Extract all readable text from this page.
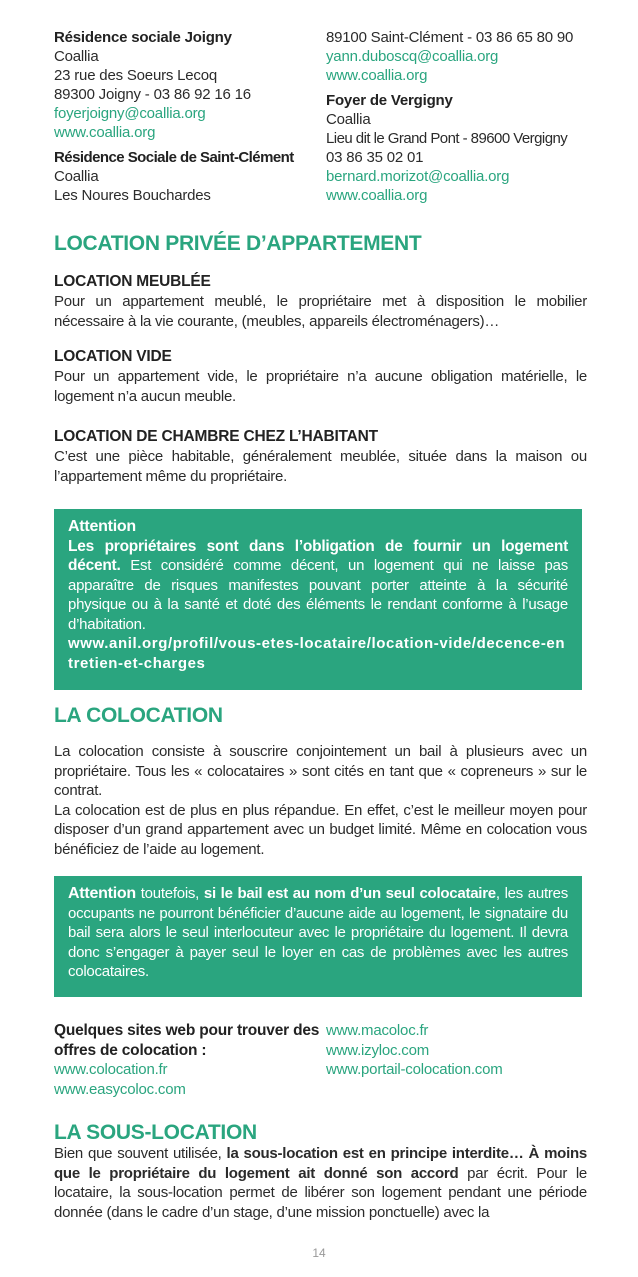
Résidence sociale Joigny
Coallia
23 rue des Soeurs Lecoq
89300 Joigny - 03 86 92 16 16
foyerjoigny@coallia.org
www.coallia.org
Résidence Sociale de Saint-Clément
Coallia
Les Noures Bouchardes
89100 Saint-Clément - 03 86 65 80 90
yann.duboscq@coallia.org
www.coallia.org
Foyer de Vergigny
Coallia
Lieu dit le Grand Pont - 89600 Vergigny
03 86 35 02 01
bernard.morizot@coallia.org
www.coallia.org
LOCATION PRIVÉE D’APPARTEMENT
LOCATION MEUBLÉE

Pour un appartement meublé, le propriétaire met à disposition le mobilier nécessaire à la vie courante, (meubles, appareils électroménagers)…

LOCATION VIDE

Pour un appartement vide, le propriétaire n’a aucune obligation matérielle, le logement n’a aucun meuble.

LOCATION DE CHAMBRE CHEZ L’HABITANT

C’est une pièce habitable, généralement meublée, située dans la maison ou l’appartement même du propriétaire.

Attention

Les propriétaires sont dans l’obligation de fournir un logement décent. Est considéré comme décent, un logement qui ne laisse pas apparaître de risques manifestes pouvant porter atteinte à la sécurité physique ou à la santé et doté des éléments le rendant conforme à l’usage d’habitation.

www.anil.org/profil/vous-etes-locataire/location-vide/decence-entretien-et-charges

LA COLOCATION

La colocation consiste à souscrire conjointement un bail à plusieurs avec un propriétaire. Tous les « colocataires » sont cités en tant que « copreneurs » sur le contrat.

La colocation est de plus en plus répandue. En effet, c’est le meilleur moyen pour disposer d’un grand appartement avec un budget limité. Même en colocation vous bénéficiez de l’aide au logement.

Attention toutefois, si le bail est au nom d’un seul colocataire, les autres occupants ne pourront bénéficier d’aucune aide au logement, le signataire du bail sera alors le seul interlocuteur avec le propriétaire du logement. Il devra donc s’engager à payer seul le loyer en cas de problèmes avec les autres colocataires.

Quelques sites web pour trouver des offres de colocation :
www.colocation.fr
www.easycoloc.com
www.macoloc.fr
www.izyloc.com
www.portail-colocation.com
LA SOUS-LOCATION

Bien que souvent utilisée, la sous-location est en principe interdite… À moins que le propriétaire du logement ait donné son accord par écrit. Pour le locataire, la sous-location permet de libérer son logement pendant une période donnée (dans le cadre d’un stage, d’une mission ponctuelle) avec la

14
